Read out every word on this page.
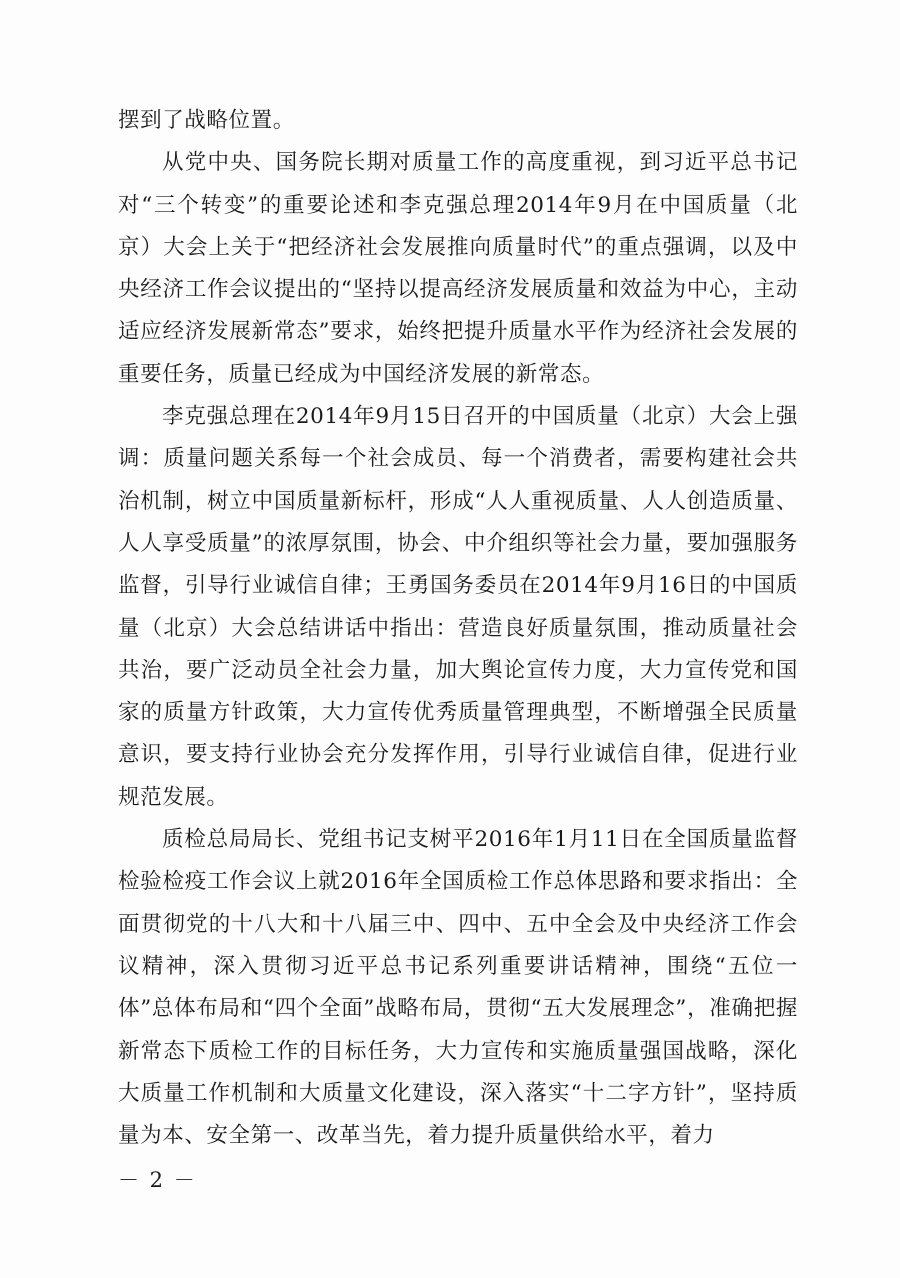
摆到了战略位置。

从党中央、国务院长期对质量工作的高度重视，到习近平总书记对“三个转变”的重要论述和李克强总理2014年9月在中国质量（北京）大会上关于“把经济社会发展推向质量时代”的重点强调，以及中央经济工作会议提出的“坚持以提高经济发展质量和效益为中心，主动适应经济发展新常态”要求，始终把提升质量水平作为经济社会发展的重要任务，质量已经成为中国经济发展的新常态。

李克强总理在2014年9月15日召开的中国质量（北京）大会上强调：质量问题关系每一个社会成员、每一个消费者，需要构建社会共治机制，树立中国质量新标杆，形成“人人重视质量、人人创造质量、人人享受质量”的浓厚氛围，协会、中介组织等社会力量，要加强服务监督，引导行业诚信自律；王勇国务委员在2014年9月16日的中国质量（北京）大会总结讲话中指出：营造良好质量氛围，推动质量社会共治，要广泛动员全社会力量，加大舆论宣传力度，大力宣传党和国家的质量方针政策，大力宣传优秀质量管理典型，不断增强全民质量意识，要支持行业协会充分发挥作用，引导行业诚信自律，促进行业规范发展。

质检总局局长、党组书记支树平2016年1月11日在全国质量监督检验检疫工作会议上就2016年全国质检工作总体思路和要求指出：全面贯彻党的十八大和十八届三中、四中、五中全会及中央经济工作会议精神，深入贯彻习近平总书记系列重要讲话精神，围绕“五位一体”总体布局和“四个全面”战略布局，贯彻“五大发展理念”，准确把握新常态下质检工作的目标任务，大力宣传和实施质量强国战略，深化大质量工作机制和大质量文化建设，深入落实“十二字方针”，坚持质量为本、安全第一、改革当先，着力提升质量供给水平，着力

－ 2 －
